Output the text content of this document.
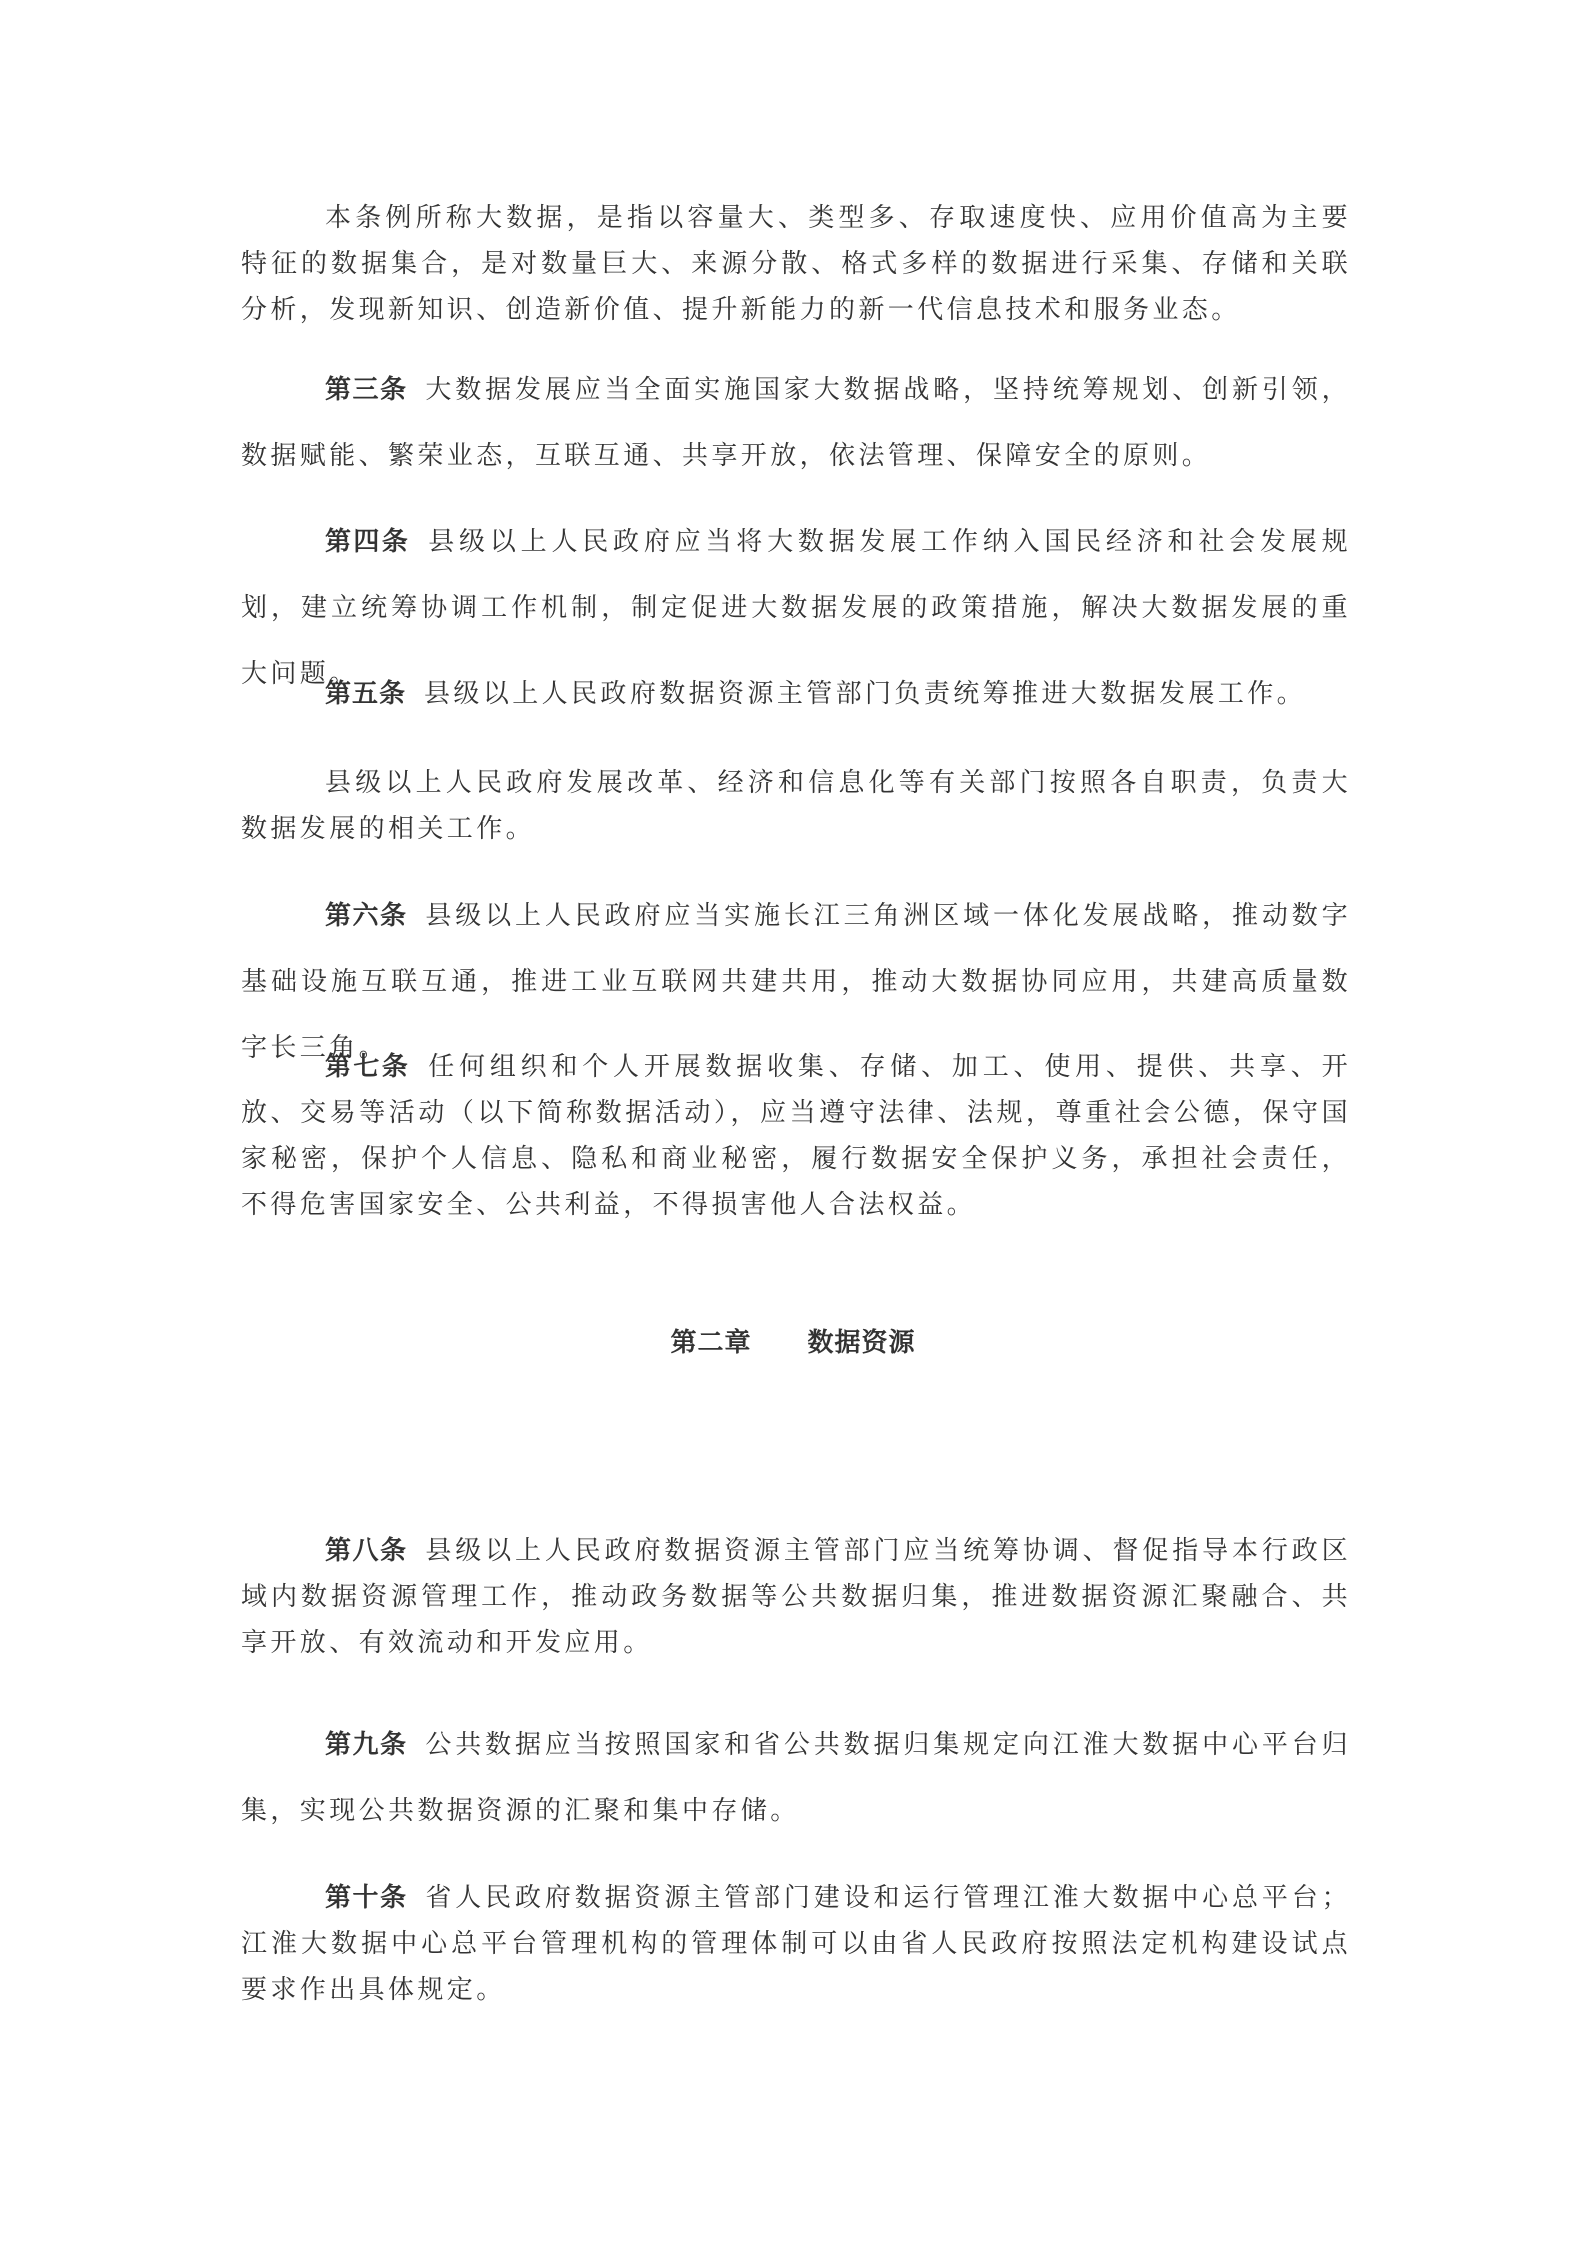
本条例所称大数据，是指以容量大、类型多、存取速度快、应用价值高为主要特征的数据集合，是对数量巨大、来源分散、格式多样的数据进行采集、存储和关联分析，发现新知识、创造新价值、提升新能力的新一代信息技术和服务业态。

第三条 大数据发展应当全面实施国家大数据战略，坚持统筹规划、创新引领，数据赋能、繁荣业态，互联互通、共享开放，依法管理、保障安全的原则。

第四条 县级以上人民政府应当将大数据发展工作纳入国民经济和社会发展规划，建立统筹协调工作机制，制定促进大数据发展的政策措施，解决大数据发展的重大问题。

第五条 县级以上人民政府数据资源主管部门负责统筹推进大数据发展工作。

县级以上人民政府发展改革、经济和信息化等有关部门按照各自职责，负责大数据发展的相关工作。

第六条 县级以上人民政府应当实施长江三角洲区域一体化发展战略，推动数字基础设施互联互通，推进工业互联网共建共用，推动大数据协同应用，共建高质量数字长三角。

第七条 任何组织和个人开展数据收集、存储、加工、使用、提供、共享、开放、交易等活动（以下简称数据活动），应当遵守法律、法规，尊重社会公德，保守国家秘密，保护个人信息、隐私和商业秘密，履行数据安全保护义务，承担社会责任，不得危害国家安全、公共利益，不得损害他人合法权益。

第二章 数据资源

第八条 县级以上人民政府数据资源主管部门应当统筹协调、督促指导本行政区域内数据资源管理工作，推动政务数据等公共数据归集，推进数据资源汇聚融合、共享开放、有效流动和开发应用。

第九条 公共数据应当按照国家和省公共数据归集规定向江淮大数据中心平台归集，实现公共数据资源的汇聚和集中存储。

第十条 省人民政府数据资源主管部门建设和运行管理江淮大数据中心总平台；江淮大数据中心总平台管理机构的管理体制可以由省人民政府按照法定机构建设试点要求作出具体规定。
